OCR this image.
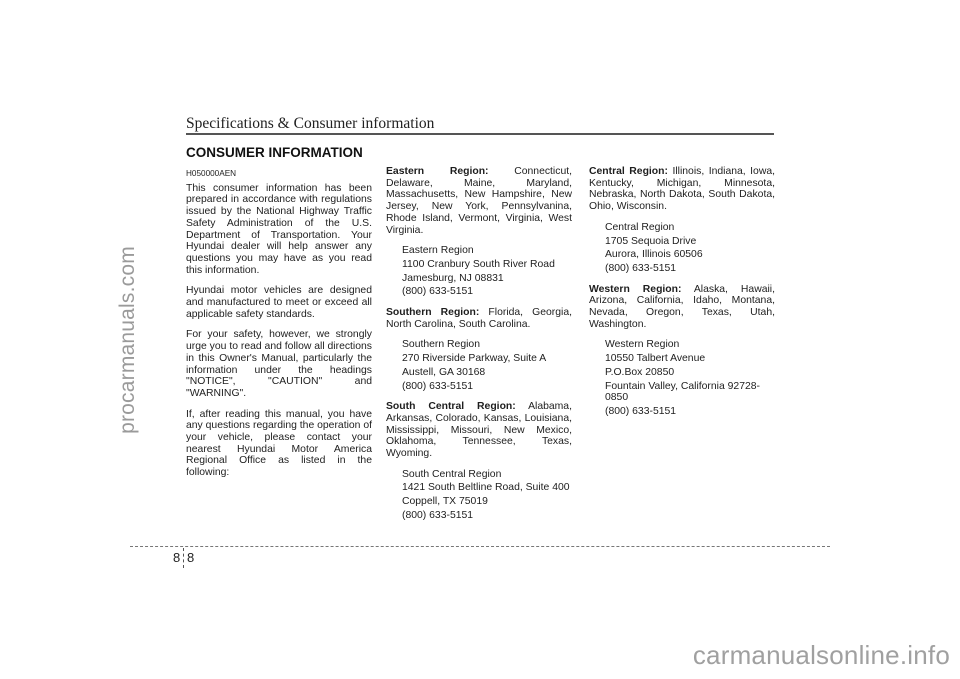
procarmanuals.com
carmanualsonline.info
Specifications & Consumer information
CONSUMER INFORMATION

H050000AEN

This consumer information has been prepared in accordance with regulations issued by the National Highway Traffic Safety Administration of the U.S. Department of Transportation. Your Hyundai dealer will help answer any questions you may have as you read this information.

Hyundai motor vehicles are designed and manufactured to meet or exceed all applicable safety standards.

For your safety, however, we strongly urge you to read and follow all directions in this Owner's Manual, particularly the information under the headings "NOTICE", "CAUTION" and "WARNING".

If, after reading this manual, you have any questions regarding the operation of your vehicle, please contact your nearest Hyundai Motor America Regional Office as listed in the following:

Eastern Region: Connecticut, Delaware, Maine, Maryland, Massachusetts, New Hampshire, New Jersey, New York, Pennsylvanina, Rhode Island, Vermont, Virginia, West Virginia.

Eastern Region
1100 Cranbury South River Road
Jamesburg, NJ 08831
(800) 633-5151

Southern Region: Florida, Georgia, North Carolina, South Carolina.

Southern Region
270 Riverside Parkway, Suite A
Austell, GA 30168
(800) 633-5151

South Central Region: Alabama, Arkansas, Colorado, Kansas, Louisiana, Mississippi, Missouri, New Mexico, Oklahoma, Tennessee, Texas, Wyoming.

South Central Region
1421 South Beltline Road, Suite 400
Coppell, TX 75019
(800) 633-5151

Central Region: Illinois, Indiana, Iowa, Kentucky, Michigan, Minnesota, Nebraska, North Dakota, South Dakota, Ohio, Wisconsin.

Central Region
1705 Sequoia Drive
Aurora, Illinois 60506
(800) 633-5151

Western Region: Alaska, Hawaii, Arizona, California, Idaho, Montana, Nevada, Oregon, Texas, Utah, Washington.

Western Region
10550 Talbert Avenue
P.O.Box 20850
Fountain Valley, California 92728-0850
(800) 633-5151
8 8
